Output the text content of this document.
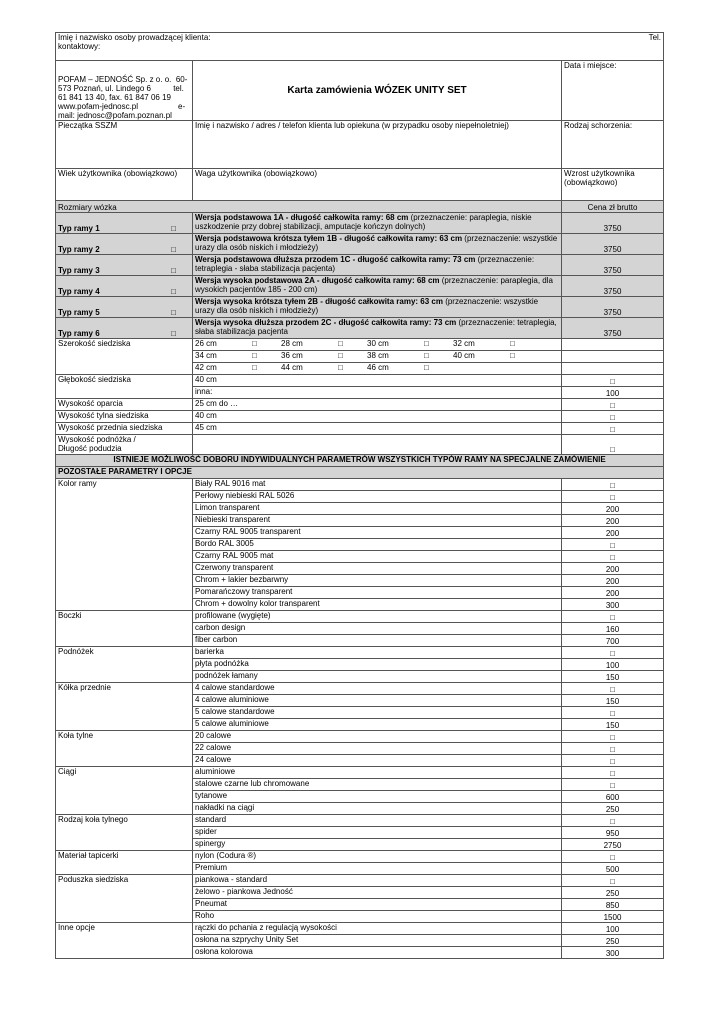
Imię i nazwisko osoby prowadzącej klienta:
kontaktowy:
Tel.		

POFAM – JEDNOŚĆ Sp. z o. o.  60-
573 Poznań, ul. Lindego 6          tel.
61 841 13 40, fax. 61 847 06 19
www.pofam-jednosc.pl                  e-
mail: jednosc@pofam.poznan.pl	Karta zamówienia WÓZEK UNITY SET	Data i miejsce:
Pieczątka SSZM	Imię i nazwisko / adres / telefon klienta lub opiekuna (w przypadku osoby niepełnoletniej)	Rodzaj schorzenia:
Wiek użytkownika (obowiązkowo)	Waga użytkownika (obowiązkowo)	Wzrost użytkownika (obowiązkowo)
Rozmiary wózka		Cena zł brutto
Typ ramy 1 □	Wersja podstawowa 1A - długość całkowita ramy: 68 cm (przeznaczenie: paraplegia, niskie uszkodzenie przy dobrej stabilizacji, amputacje kończyn dolnych)	3750
Typ ramy 2 □	Wersja podstawowa krótsza tyłem 1B - długość całkowita ramy: 63 cm (przeznaczenie: wszystkie urazy dla osób niskich i młodzieży)	3750
Typ ramy 3 □	Wersja podstawowa dłuższa przodem 1C - długość całkowita ramy: 73 cm (przeznaczenie: tetraplegia - słaba stabilizacja pacjenta)	3750
Typ ramy 4 □	Wersja wysoka podstawowa 2A - długość całkowita ramy: 68 cm (przeznaczenie: paraplegia, dla wysokich pacjentów 185 - 200 cm)	3750
Typ ramy 5 □	Wersja wysoka krótsza tyłem 2B - długość całkowita ramy: 63 cm (przeznaczenie: wszystkie urazy dla osób niskich i młodzieży)	3750
Typ ramy 6 □	Wersja wysoka dłuższa przodem 2C - długość całkowita ramy: 73 cm (przeznaczenie: tetraplegia, słaba stabilizacja pacjenta	3750
Szerokość siedziska	26 cm □ 28 cm □ 30 cm □ 32 cm □	
	34 cm □ 36 cm □ 38 cm □ 40 cm □	
	42 cm □ 44 cm □ 46 cm □	
Głębokość siedziska	40 cm	□
	inna:	100
Wysokość oparcia	25 cm do …	□
Wysokość tylna siedziska	40 cm	□
Wysokość przednia siedziska	45 cm	□
Wysokość podnóżka /
Długość podudzia		□
ISTNIEJE MOŻLIWOŚĆ DOBORU INDYWIDUALNYCH PARAMETRÓW WSZYSTKICH TYPÓW RAMY NA SPECJALNE ZAMÓWIENIE		
POZOSTAŁE PARAMETRY I OPCJE		
Kolor ramy	Biały RAL 9016 mat	□
	Perłowy niebieski RAL 5026	□
	Limon transparent	200
	Niebieski transparent	200
	Czarny RAL 9005 transparent	200
	Bordo RAL 3005	□
	Czarny RAL 9005 mat	□
	Czerwony transparent	200
	Chrom + lakier bezbarwny	200
	Pomarańczowy transparent	200
	Chrom + dowolny kolor transparent	300
Boczki	profilowane (wygięte)	□
	carbon design	160
	fiber carbon	700
Podnóżek	barierka	□
	płyta podnóżka	100
	podnóżek łamany	150
Kółka przednie	4 calowe standardowe	□
	4 calowe aluminiowe	150
	5 calowe standardowe	□
	5 calowe aluminiowe	150
Koła tylne	20 calowe	□
	22 calowe	□
	24 calowe	□
Ciągi	aluminiowe	□
	stalowe czarne lub chromowane	□
	tytanowe	600
	nakładki na ciągi	250
Rodzaj koła tylnego	standard	□
	spider	950
	spinergy	2750
Materiał tapicerki	nylon (Codura ®)	□
	Premium	500
Poduszka siedziska	piankowa - standard	□
	żelowo - piankowa Jedność	250
	Pneumat	850
	Roho	1500
Inne opcje	rączki do pchania z regulacją wysokości	100
	osłona na szprychy Unity Set	250
	osłona kolorowa	300
